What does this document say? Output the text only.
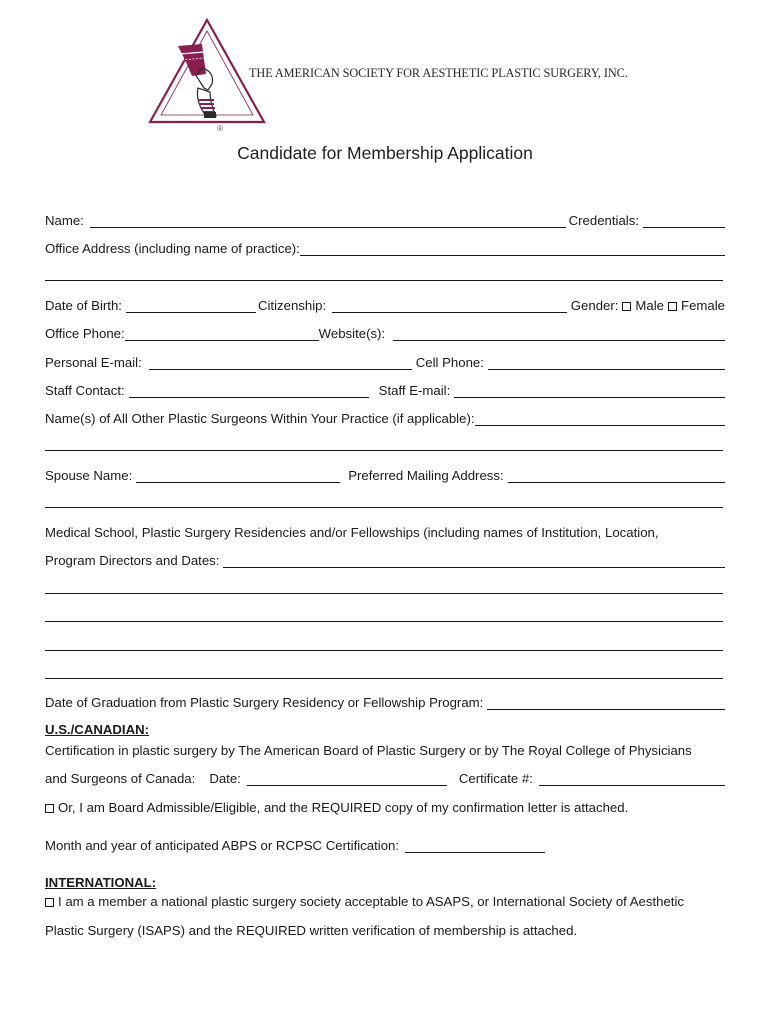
®
THE AMERICAN SOCIETY FOR AESTHETIC PLASTIC SURGERY, INC.
Candidate for Membership Application
Name:	Credentials:
Office Address (including name of practice):
Date of Birth:	Citizenship:	Gender: Male Female
Office Phone:	Website(s):
Personal E-mail:	Cell Phone:
Staff Contact:	Staff E-mail:
Name(s) of All Other Plastic Surgeons Within Your Practice (if applicable):
Spouse Name:	Preferred Mailing Address:
Medical School, Plastic Surgery Residencies and/or Fellowships (including names of Institution, Location,
Program Directors and Dates:
Date of Graduation from Plastic Surgery Residency or Fellowship Program:
U.S./CANADIAN:
Certification in plastic surgery by The American Board of Plastic Surgery or by The Royal College of Physicians
and Surgeons of Canada: Date:	Certificate #:
Or, I am Board Admissible/Eligible, and the REQUIRED copy of my confirmation letter is attached.
Month and year of anticipated ABPS or RCPSC Certification:
INTERNATIONAL:
I am a member a national plastic surgery society acceptable to ASAPS, or International Society of Aesthetic
Plastic Surgery (ISAPS) and the REQUIRED written verification of membership is attached.
